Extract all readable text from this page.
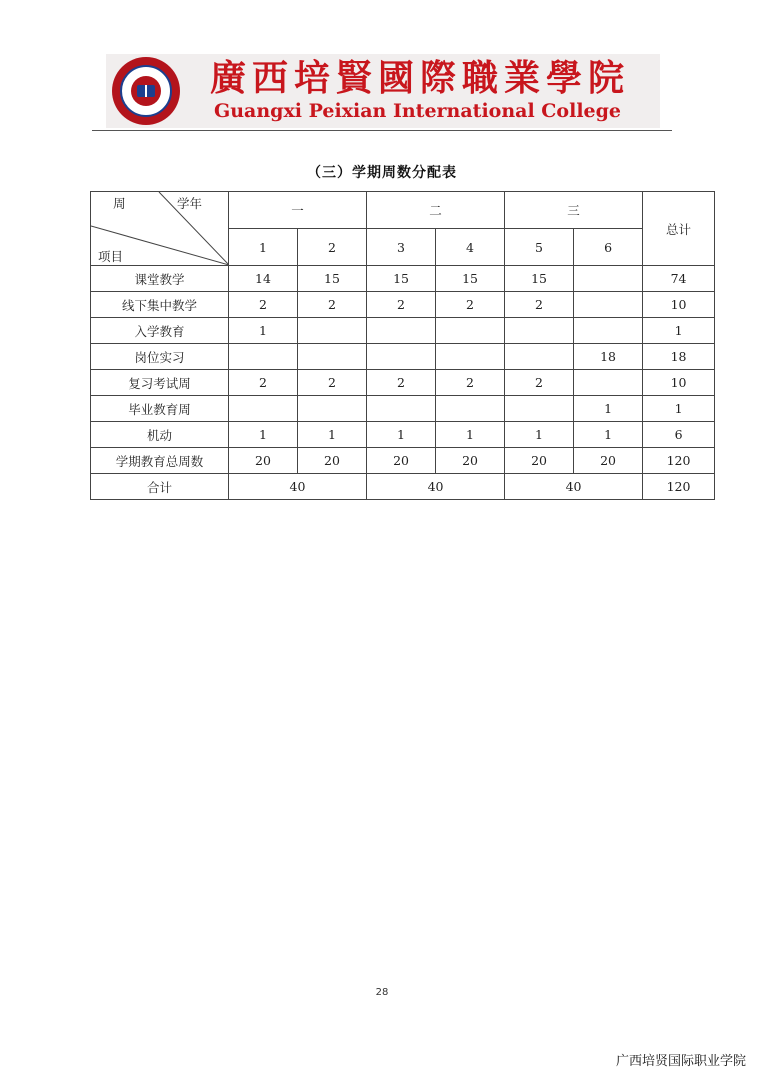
廣西培賢國際職業學院
Guangxi Peixian International College
（三）学期周数分配表
周 学年
项目	一		二		三		总计
	1	2	3	4	5	6	
课堂教学	14	15	15	15	15		74
线下集中教学	2	2	2	2	2		10
入学教育	1						1
岗位实习						18	18
复习考试周	2	2	2	2	2		10
毕业教育周						1	1
机动	1	1	1	1	1	1	6
学期教育总周数	20	20	20	20	20	20	120
合计	40		40		40		120
28
广西培贤国际职业学院
